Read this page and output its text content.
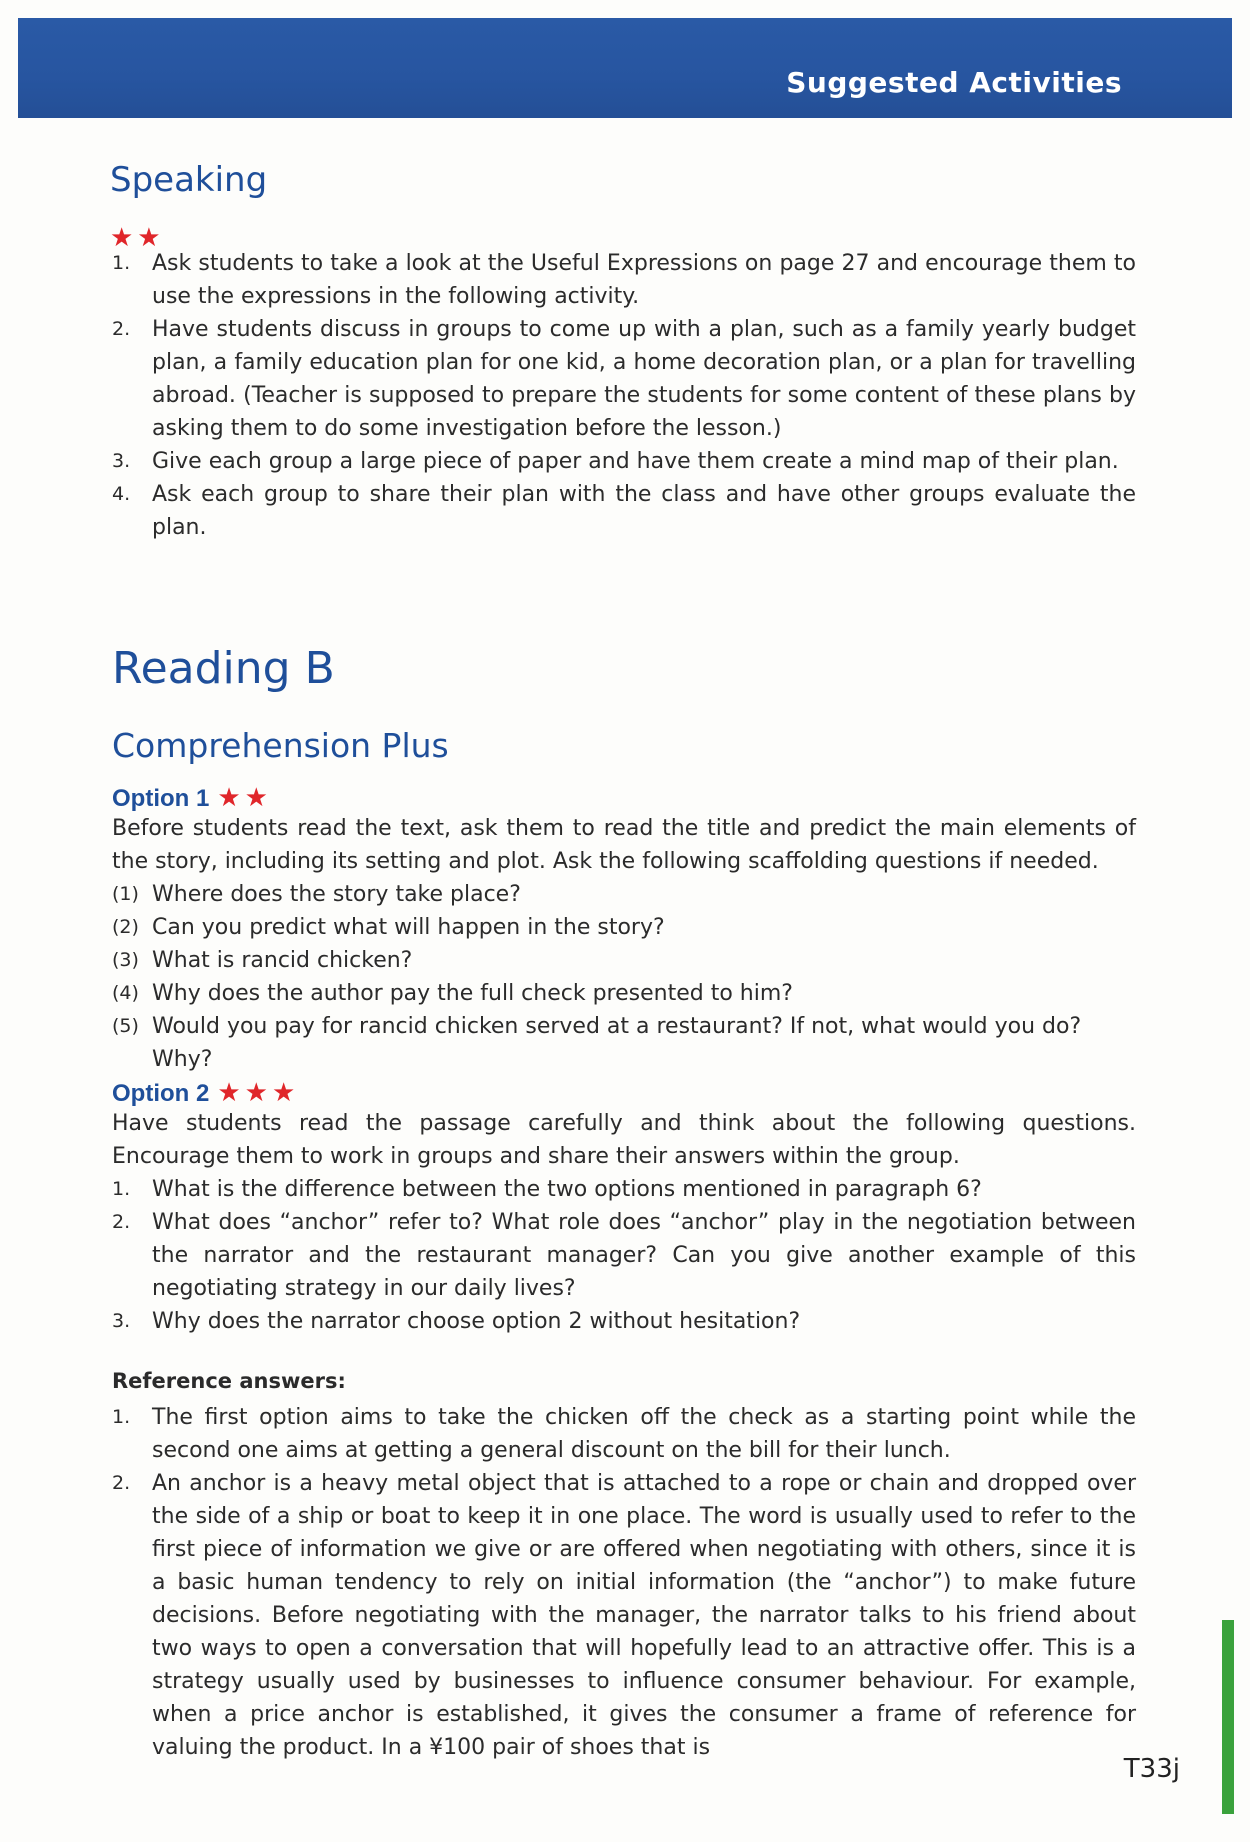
Suggested Activities
Speaking
★★
1. Ask students to take a look at the Useful Expressions on page 27 and encourage them to use the expressions in the following activity.
2. Have students discuss in groups to come up with a plan, such as a family yearly budget plan, a family education plan for one kid, a home decoration plan, or a plan for travelling abroad. (Teacher is supposed to prepare the students for some content of these plans by asking them to do some investigation before the lesson.)
3. Give each group a large piece of paper and have them create a mind map of their plan.
4. Ask each group to share their plan with the class and have other groups evaluate the plan.
Reading B
Comprehension Plus
Option 1 ★★
Before students read the text, ask them to read the title and predict the main elements of the story, including its setting and plot. Ask the following scaffolding questions if needed.
(1) Where does the story take place?
(2) Can you predict what will happen in the story?
(3) What is rancid chicken?
(4) Why does the author pay the full check presented to him?
(5) Would you pay for rancid chicken served at a restaurant? If not, what would you do? Why?
Option 2 ★★★
Have students read the passage carefully and think about the following questions. Encourage them to work in groups and share their answers within the group.
1. What is the difference between the two options mentioned in paragraph 6?
2. What does “anchor” refer to? What role does “anchor” play in the negotiation between the narrator and the restaurant manager? Can you give another example of this negotiating strategy in our daily lives?
3. Why does the narrator choose option 2 without hesitation?
Reference answers:
1. The first option aims to take the chicken off the check as a starting point while the second one aims at getting a general discount on the bill for their lunch.
2. An anchor is a heavy metal object that is attached to a rope or chain and dropped over the side of a ship or boat to keep it in one place. The word is usually used to refer to the first piece of information we give or are offered when negotiating with others, since it is a basic human tendency to rely on initial information (the “anchor”) to make future decisions. Before negotiating with the manager, the narrator talks to his friend about two ways to open a conversation that will hopefully lead to an attractive offer. This is a strategy usually used by businesses to influence consumer behaviour. For example, when a price anchor is established, it gives the consumer a frame of reference for valuing the product. In a ¥100 pair of shoes that is
T33j
